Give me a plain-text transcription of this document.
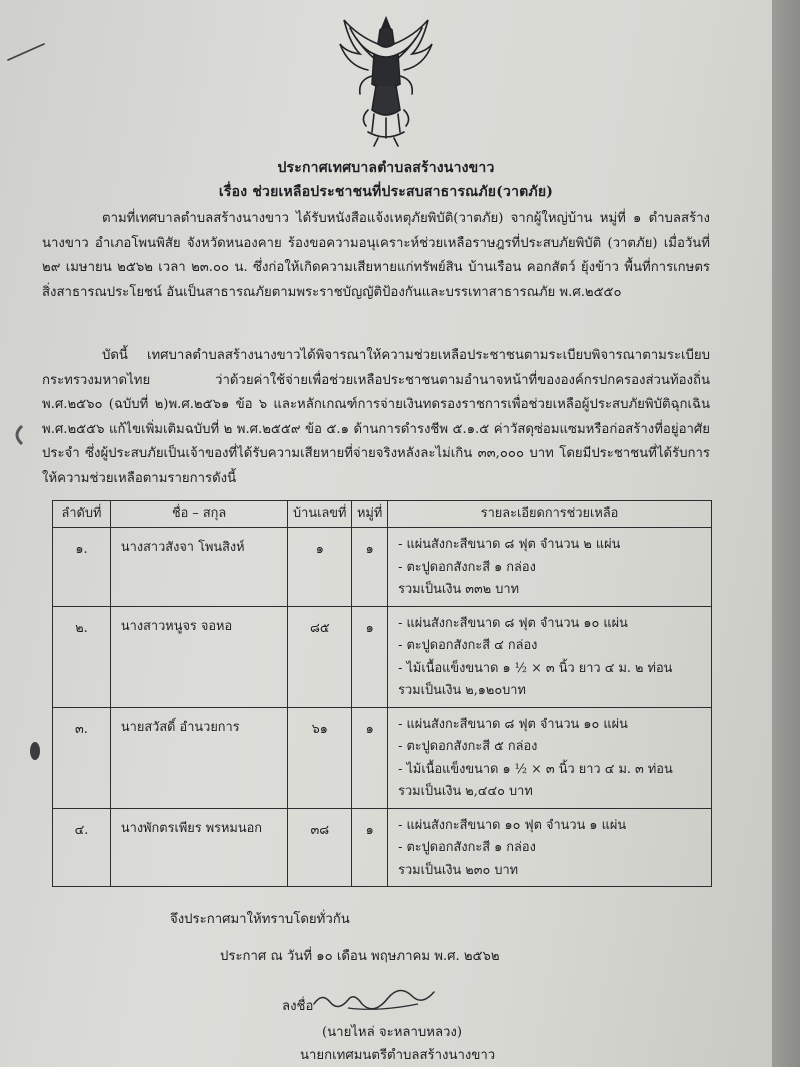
ประกาศเทศบาลตำบลสร้างนางขาว
เรื่อง ช่วยเหลือประชาชนที่ประสบสาธารณภัย(วาตภัย)
ตามที่เทศบาลตำบลสร้างนางขาว ได้รับหนังสือแจ้งเหตุภัยพิบัติ(วาตภัย) จากผู้ใหญ่บ้าน หมู่ที่ ๑ ตำบลสร้างนางขาว อำเภอโพนพิสัย จังหวัดหนองคาย ร้องขอความอนุเคราะห์ช่วยเหลือราษฎรที่ประสบภัยพิบัติ (วาตภัย) เมื่อวันที่ ๒๙ เมษายน ๒๕๖๒ เวลา ๒๓.๐๐ น. ซึ่งก่อให้เกิดความเสียหายแก่ทรัพย์สิน บ้านเรือน คอกสัตว์ ยุ้งข้าว พื้นที่การเกษตร สิ่งสาธารณประโยชน์ อันเป็นสาธารณภัยตามพระราชบัญญัติป้องกันและบรรเทาสาธารณภัย พ.ศ.๒๕๕๐
บัดนี้ เทศบาลตำบลสร้างนางขาวได้พิจารณาให้ความช่วยเหลือประชาชนตามระเบียบพิจารณาตามระเบียบกระทรวงมหาดไทย ว่าด้วยค่าใช้จ่ายเพื่อช่วยเหลือประชาชนตามอำนาจหน้าที่ขององค์กรปกครองส่วนท้องถิ่น พ.ศ.๒๕๖๐ (ฉบับที่ ๒)พ.ศ.๒๕๖๑ ข้อ ๖ และหลักเกณฑ์การจ่ายเงินทดรองราชการเพื่อช่วยเหลือผู้ประสบภัยพิบัติฉุกเฉิน พ.ศ.๒๕๕๖ แก้ไขเพิ่มเติมฉบับที่ ๒ พ.ศ.๒๕๕๙ ข้อ ๕.๑ ด้านการดำรงชีพ ๕.๑.๕ ค่าวัสดุซ่อมแซมหรือก่อสร้างที่อยู่อาศัยประจำ ซึ่งผู้ประสบภัยเป็นเจ้าของที่ได้รับความเสียหายที่จ่ายจริงหลังละไม่เกิน ๓๓,๐๐๐ บาท โดยมีประชาชนที่ได้รับการให้ความช่วยเหลือตามรายการดังนี้
ลำดับที่	ชื่อ – สกุล	บ้านเลขที่	หมู่ที่	รายละเอียดการช่วยเหลือ
๑.	นางสาวสังจา โพนสิงห์	๑	๑	- แผ่นสังกะสีขนาด ๘ ฟุต จำนวน ๒ แผ่น
- ตะปูดอกสังกะสี ๑ กล่อง
รวมเป็นเงิน ๓๓๒ บาท

๒.	นางสาวหนูจร จอหอ	๘๕	๑	- แผ่นสังกะสีขนาด ๘ ฟุต จำนวน ๑๐ แผ่น
- ตะปูดอกสังกะสี ๔ กล่อง
- ไม้เนื้อแข็งขนาด ๑ ½ × ๓ นิ้ว ยาว ๔ ม. ๒ ท่อน
รวมเป็นเงิน ๒,๑๒๐บาท

๓.	นายสวัสดิ์ อำนวยการ	๖๑	๑	- แผ่นสังกะสีขนาด ๘ ฟุต จำนวน ๑๐ แผ่น
- ตะปูดอกสังกะสี ๕ กล่อง
- ไม้เนื้อแข็งขนาด ๑ ½ × ๓ นิ้ว ยาว ๔ ม. ๓ ท่อน
รวมเป็นเงิน ๒,๔๔๐ บาท

๔.	นางพักตรเพียร พรหมนอก	๓๘	๑	- แผ่นสังกะสีขนาด ๑๐ ฟุต จำนวน ๑ แผ่น
- ตะปูดอกสังกะสี ๑ กล่อง
รวมเป็นเงิน ๒๓๐ บาท
จึงประกาศมาให้ทราบโดยทั่วกัน
ประกาศ ณ วันที่ ๑๐ เดือน พฤษภาคม พ.ศ. ๒๕๖๒
ลงชื่อ
(นายไหล่ จะหลาบหลวง)
นายกเทศมนตรีตำบลสร้างนางขาว
